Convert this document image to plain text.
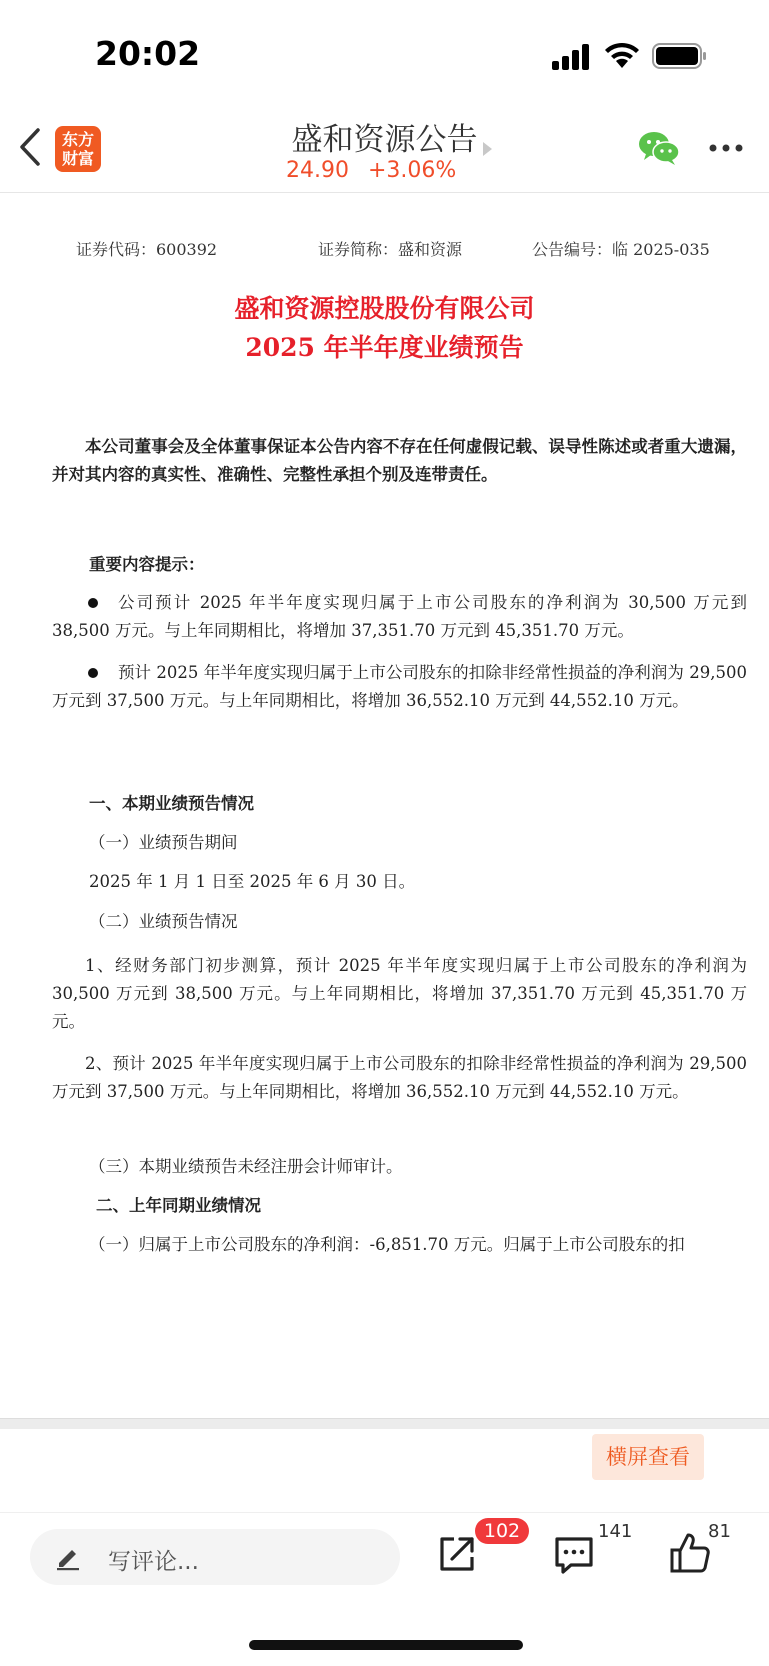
20:02
东方
财富
盛和资源公告
24.90 +3.06%
证券代码：600392	证券简称：盛和资源	公告编号：临 2025-035
盛和资源控股股份有限公司
2025 年半年度业绩预告
本公司董事会及全体董事保证本公告内容不存在任何虚假记载、误导性陈述或者重大遗漏，并对其内容的真实性、准确性、完整性承担个别及连带责任。
重要内容提示：
公司预计 2025 年半年度实现归属于上市公司股东的净利润为 30,500 万元到 38,500 万元。与上年同期相比，将增加 37,351.70 万元到 45,351.70 万元。
预计 2025 年半年度实现归属于上市公司股东的扣除非经常性损益的净利润为 29,500 万元到 37,500 万元。与上年同期相比，将增加 36,552.10 万元到 44,552.10 万元。
一、本期业绩预告情况
（一）业绩预告期间
2025 年 1 月 1 日至 2025 年 6 月 30 日。
（二）业绩预告情况
1、经财务部门初步测算，预计 2025 年半年度实现归属于上市公司股东的净利润为 30,500 万元到 38,500 万元。与上年同期相比，将增加 37,351.70 万元到 45,351.70 万元。
2、预计 2025 年半年度实现归属于上市公司股东的扣除非经常性损益的净利润为 29,500 万元到 37,500 万元。与上年同期相比，将增加 36,552.10 万元到 44,552.10 万元。
（三）本期业绩预告未经注册会计师审计。
二、上年同期业绩情况
（一）归属于上市公司股东的净利润：-6,851.70 万元。归属于上市公司股东的扣
横屏查看
写评论...
102	141	81
